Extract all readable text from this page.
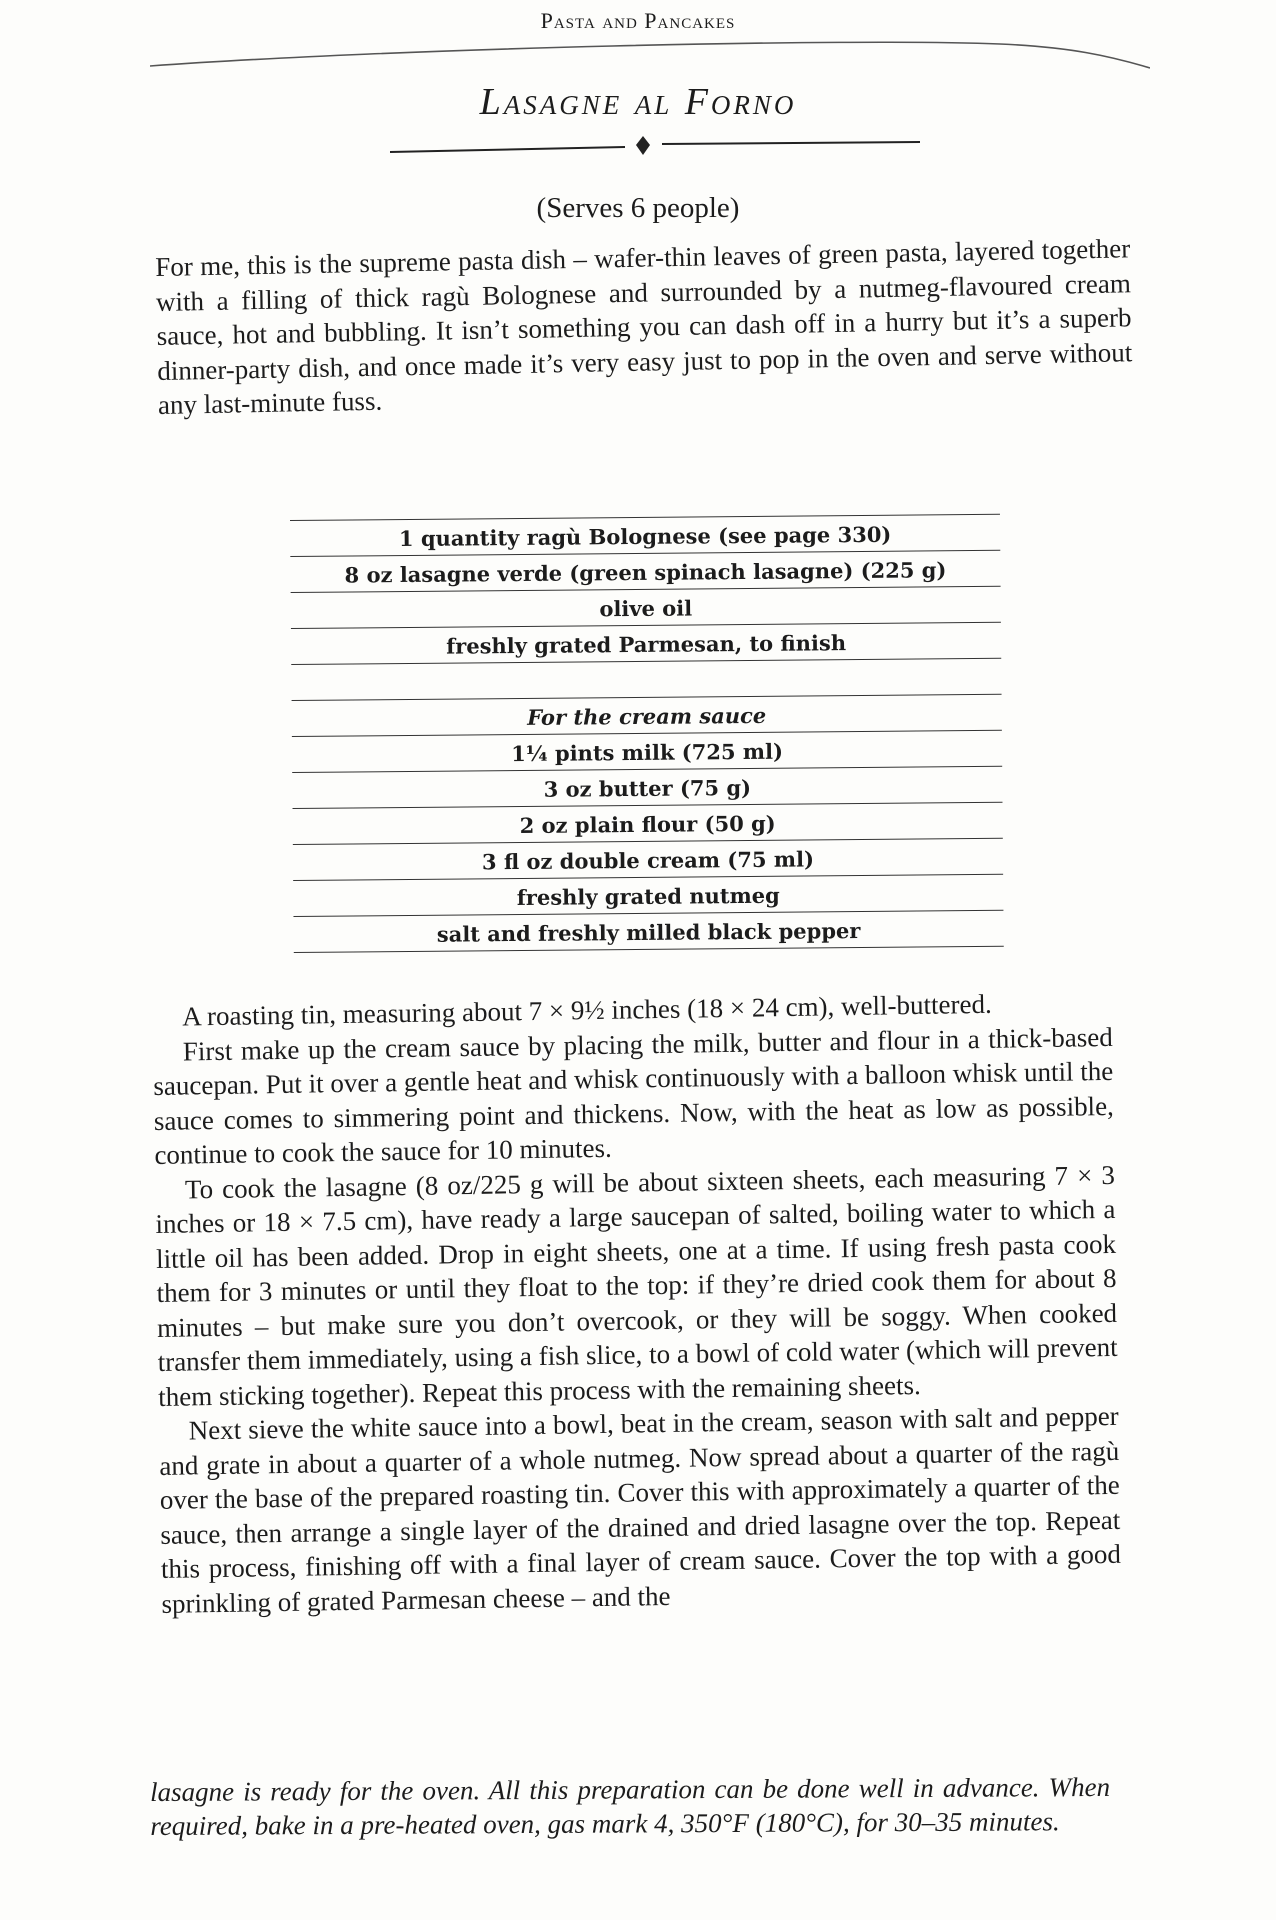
Pasta and Pancakes
Lasagne al Forno
(Serves 6 people)
For me, this is the supreme pasta dish – wafer-thin leaves of green pasta, layered together with a filling of thick ragù Bolognese and surrounded by a nutmeg-flavoured cream sauce, hot and bubbling. It isn’t something you can dash off in a hurry but it’s a superb dinner-party dish, and once made it’s very easy just to pop in the oven and serve without any last-minute fuss.
1 quantity ragù Bolognese (see page 330)
8 oz lasagne verde (green spinach lasagne) (225 g)
olive oil
freshly grated Parmesan, to finish
For the cream sauce
1¼ pints milk (725 ml)
3 oz butter (75 g)
2 oz plain flour (50 g)
3 fl oz double cream (75 ml)
freshly grated nutmeg
salt and freshly milled black pepper

A roasting tin, measuring about 7 × 9½ inches (18 × 24 cm), well-buttered.

First make up the cream sauce by placing the milk, butter and flour in a thick-based saucepan. Put it over a gentle heat and whisk continuously with a balloon whisk until the sauce comes to simmering point and thickens. Now, with the heat as low as possible, continue to cook the sauce for 10 minutes.

To cook the lasagne (8 oz/225 g will be about sixteen sheets, each measuring 7 × 3 inches or 18 × 7.5 cm), have ready a large saucepan of salted, boiling water to which a little oil has been added. Drop in eight sheets, one at a time. If using fresh pasta cook them for 3 minutes or until they float to the top: if they’re dried cook them for about 8 minutes – but make sure you don’t overcook, or they will be soggy. When cooked transfer them immediately, using a fish slice, to a bowl of cold water (which will prevent them sticking together). Repeat this process with the remaining sheets.

Next sieve the white sauce into a bowl, beat in the cream, season with salt and pepper and grate in about a quarter of a whole nutmeg. Now spread about a quarter of the ragù over the base of the prepared roasting tin. Cover this with approximately a quarter of the sauce, then arrange a single layer of the drained and dried lasagne over the top. Repeat this process, finishing off with a final layer of cream sauce. Cover the top with a good sprinkling of grated Parmesan cheese – and the

lasagne is ready for the oven. All this preparation can be done well in advance. When required, bake in a pre-heated oven, gas mark 4, 350°F (180°C), for 30–35 minutes.
